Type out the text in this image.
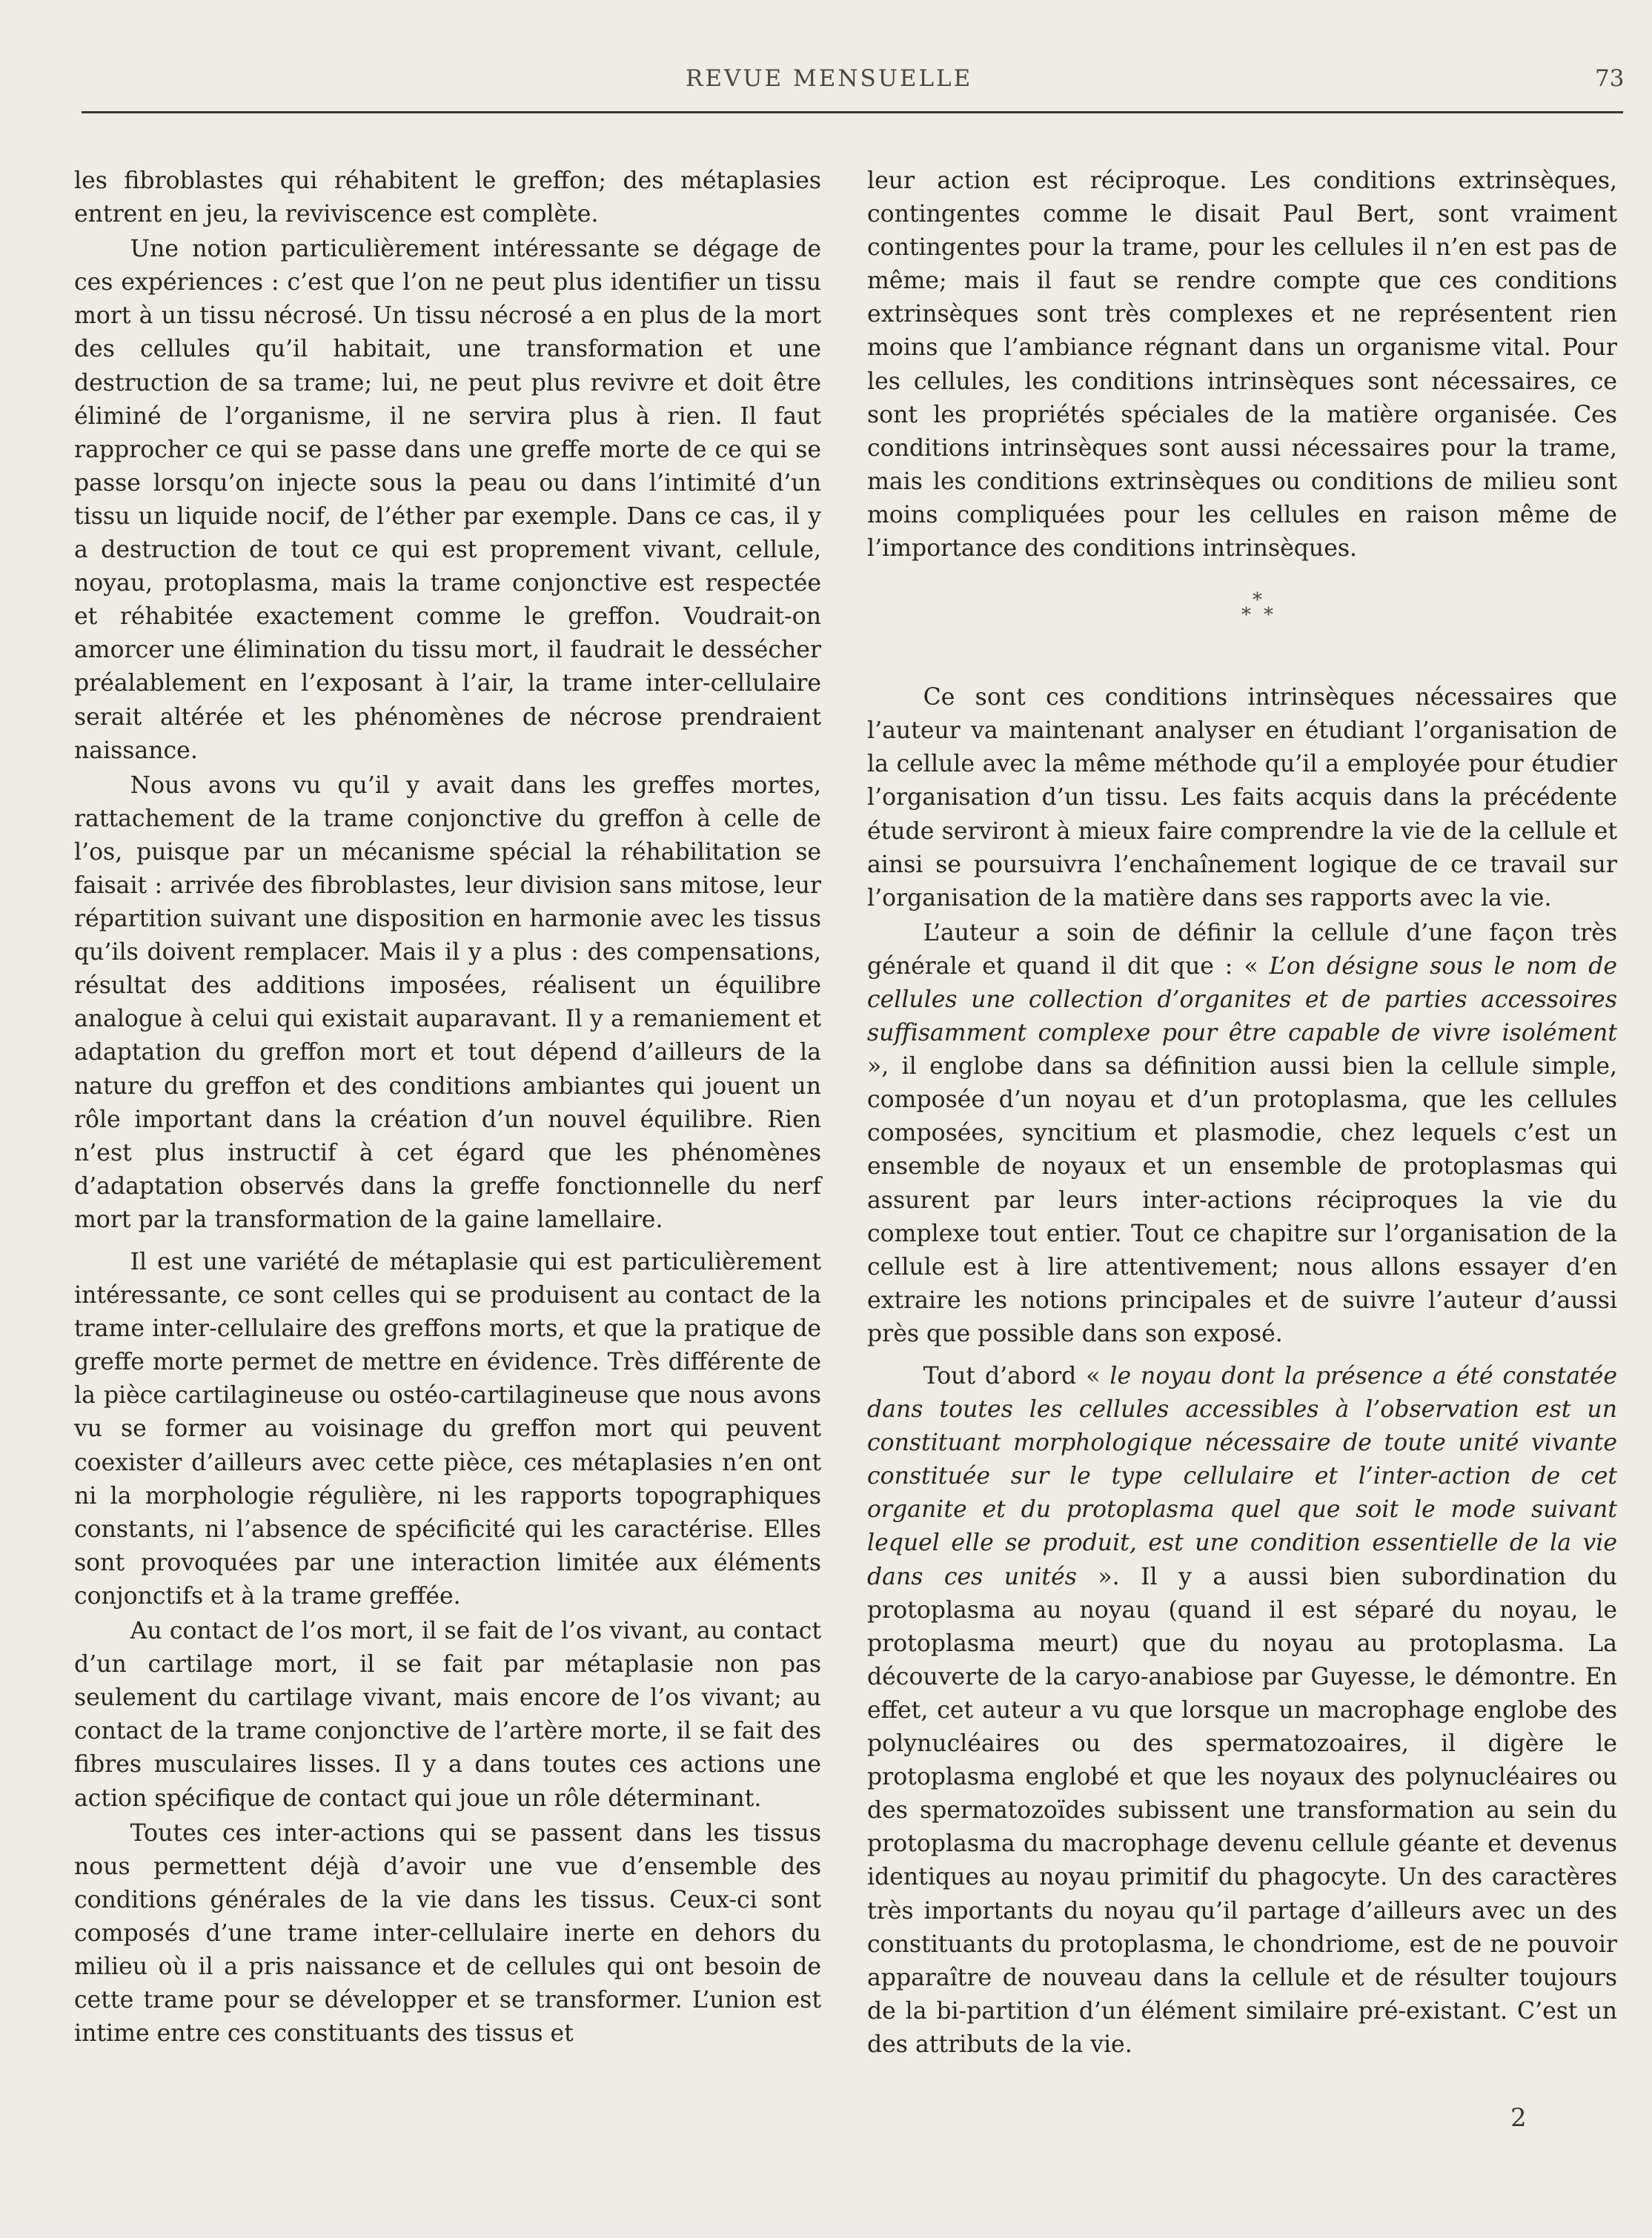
REVUE MENSUELLE	73

les fibroblastes qui réhabitent le greffon; des métaplasies entrent en jeu, la reviviscence est complète.

Une notion particulièrement intéressante se dégage de ces expériences : c’est que l’on ne peut plus identifier un tissu mort à un tissu nécrosé. Un tissu nécrosé a en plus de la mort des cellules qu’il habitait, une transformation et une destruction de sa trame; lui, ne peut plus revivre et doit être éliminé de l’organisme, il ne servira plus à rien. Il faut rapprocher ce qui se passe dans une greffe morte de ce qui se passe lorsqu’on injecte sous la peau ou dans l’intimité d’un tissu un liquide nocif, de l’éther par exemple. Dans ce cas, il y a destruction de tout ce qui est proprement vivant, cellule, noyau, protoplasma, mais la trame conjonctive est respectée et réhabitée exactement comme le greffon. Voudrait-on amorcer une élimination du tissu mort, il faudrait le dessécher préalablement en l’exposant à l’air, la trame inter-cellulaire serait altérée et les phénomènes de nécrose prendraient naissance.

Nous avons vu qu’il y avait dans les greffes mortes, rattachement de la trame conjonctive du greffon à celle de l’os, puisque par un mécanisme spécial la réhabilitation se faisait : arrivée des fibroblastes, leur division sans mitose, leur répartition suivant une disposition en harmonie avec les tissus qu’ils doivent remplacer. Mais il y a plus : des compensations, résultat des additions imposées, réalisent un équilibre analogue à celui qui existait auparavant. Il y a remaniement et adaptation du greffon mort et tout dépend d’ailleurs de la nature du greffon et des conditions ambiantes qui jouent un rôle important dans la création d’un nouvel équilibre. Rien n’est plus instructif à cet égard que les phénomènes d’adaptation observés dans la greffe fonctionnelle du nerf mort par la transformation de la gaine lamellaire.

Il est une variété de métaplasie qui est particulièrement intéressante, ce sont celles qui se produisent au contact de la trame inter-cellulaire des greffons morts, et que la pratique de greffe morte permet de mettre en évidence. Très différente de la pièce cartilagineuse ou ostéo-cartilagineuse que nous avons vu se former au voisinage du greffon mort qui peuvent coexister d’ailleurs avec cette pièce, ces métaplasies n’en ont ni la morphologie régulière, ni les rapports topographiques constants, ni l’absence de spécificité qui les caractérise. Elles sont provoquées par une interaction limitée aux éléments conjonctifs et à la trame greffée.

Au contact de l’os mort, il se fait de l’os vivant, au contact d’un cartilage mort, il se fait par métaplasie non pas seulement du cartilage vivant, mais encore de l’os vivant; au contact de la trame conjonctive de l’artère morte, il se fait des fibres musculaires lisses. Il y a dans toutes ces actions une action spécifique de contact qui joue un rôle déterminant.

Toutes ces inter-actions qui se passent dans les tissus nous permettent déjà d’avoir une vue d’ensemble des conditions générales de la vie dans les tissus. Ceux-ci sont composés d’une trame inter-cellulaire inerte en dehors du milieu où il a pris naissance et de cellules qui ont besoin de cette trame pour se développer et se transformer. L’union est intime entre ces constituants des tissus et

leur action est réciproque. Les conditions extrinsèques, contingentes comme le disait Paul Bert, sont vraiment contingentes pour la trame, pour les cellules il n’en est pas de même; mais il faut se rendre compte que ces conditions extrinsèques sont très complexes et ne représentent rien moins que l’ambiance régnant dans un organisme vital. Pour les cellules, les conditions intrinsèques sont nécessaires, ce sont les propriétés spéciales de la matière organisée. Ces conditions intrinsèques sont aussi nécessaires pour la trame, mais les conditions extrinsèques ou conditions de milieu sont moins compliquées pour les cellules en raison même de l’importance des conditions intrinsèques.

*
* *

Ce sont ces conditions intrinsèques nécessaires que l’auteur va maintenant analyser en étudiant l’organisation de la cellule avec la même méthode qu’il a employée pour étudier l’organisation d’un tissu. Les faits acquis dans la précédente étude serviront à mieux faire comprendre la vie de la cellule et ainsi se poursuivra l’enchaînement logique de ce travail sur l’organisation de la matière dans ses rapports avec la vie.

L’auteur a soin de définir la cellule d’une façon très générale et quand il dit que : « L’on désigne sous le nom de cellules une collection d’organites et de parties accessoires suffisamment complexe pour être capable de vivre isolément », il englobe dans sa définition aussi bien la cellule simple, composée d’un noyau et d’un protoplasma, que les cellules composées, syncitium et plasmodie, chez lequels c’est un ensemble de noyaux et un ensemble de protoplasmas qui assurent par leurs inter-actions réciproques la vie du complexe tout entier. Tout ce chapitre sur l’organisation de la cellule est à lire attentivement; nous allons essayer d’en extraire les notions principales et de suivre l’auteur d’aussi près que possible dans son exposé.

Tout d’abord « le noyau dont la présence a été constatée dans toutes les cellules accessibles à l’observation est un constituant morphologique nécessaire de toute unité vivante constituée sur le type cellulaire et l’inter-action de cet organite et du protoplasma quel que soit le mode suivant lequel elle se produit, est une condition essentielle de la vie dans ces unités ». Il y a aussi bien subordination du protoplasma au noyau (quand il est séparé du noyau, le protoplasma meurt) que du noyau au protoplasma. La découverte de la caryo-anabiose par Guyesse, le démontre. En effet, cet auteur a vu que lorsque un macrophage englobe des polynucléaires ou des spermatozoaires, il digère le protoplasma englobé et que les noyaux des polynucléaires ou des spermatozoïdes subissent une transformation au sein du protoplasma du macrophage devenu cellule géante et devenus identiques au noyau primitif du phagocyte. Un des caractères très importants du noyau qu’il partage d’ailleurs avec un des constituants du protoplasma, le chondriome, est de ne pouvoir apparaître de nouveau dans la cellule et de résulter toujours de la bi-partition d’un élément similaire pré-existant. C’est un des attributs de la vie.

2
